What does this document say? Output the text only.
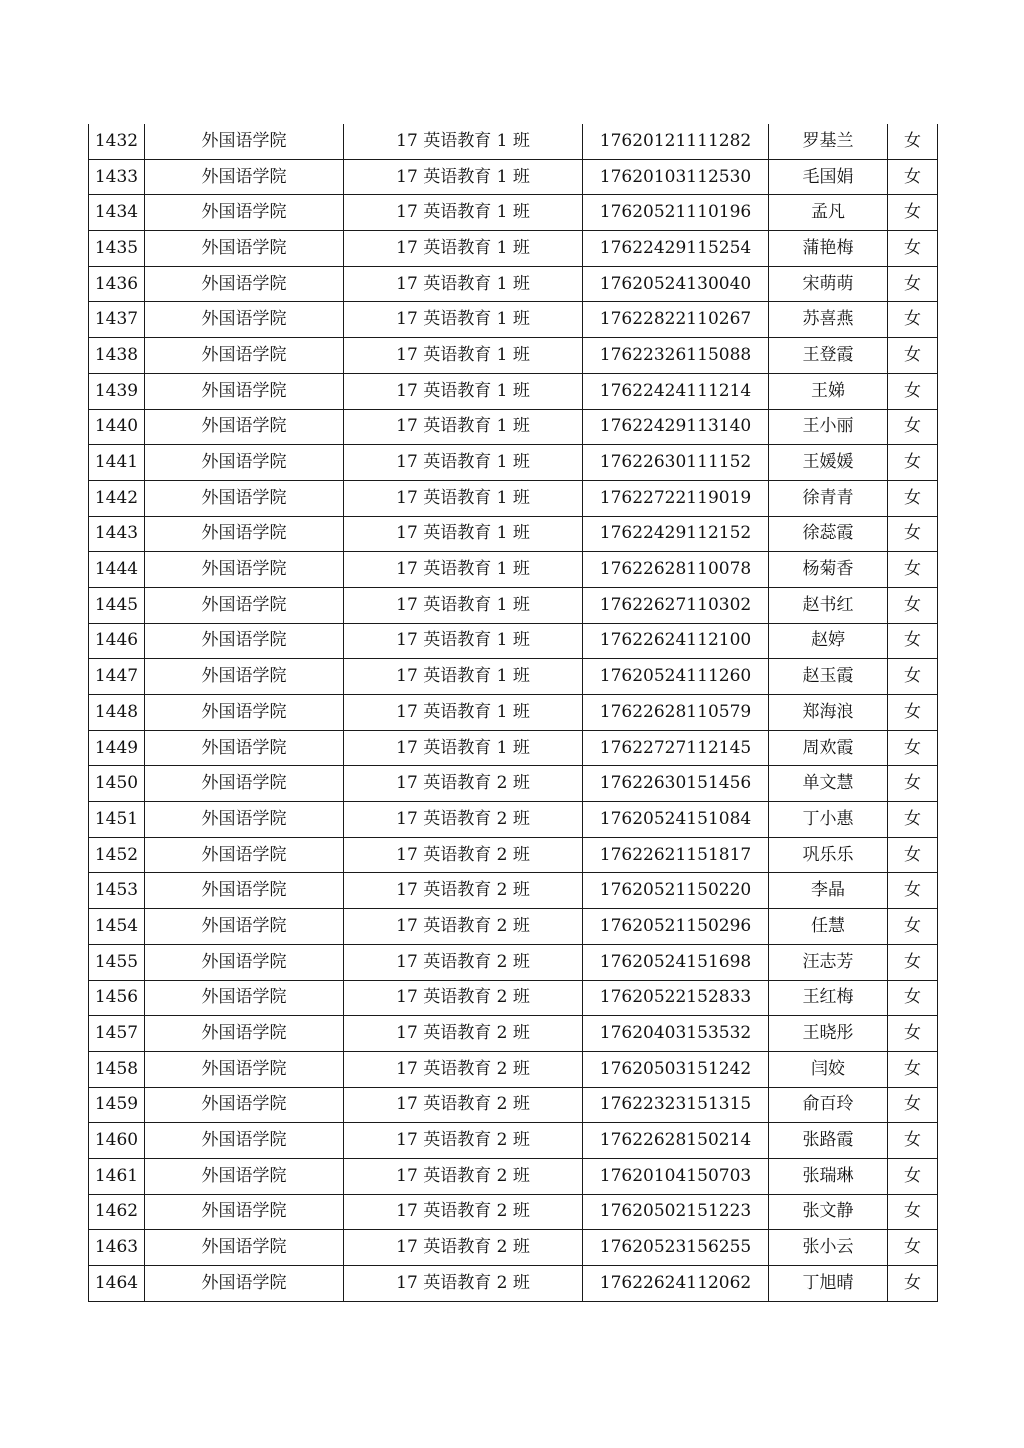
1432	外国语学院	17 英语教育 1 班	17620121111282	罗基兰	女
1433	外国语学院	17 英语教育 1 班	17620103112530	毛国娟	女
1434	外国语学院	17 英语教育 1 班	17620521110196	孟凡	女
1435	外国语学院	17 英语教育 1 班	17622429115254	蒲艳梅	女
1436	外国语学院	17 英语教育 1 班	17620524130040	宋萌萌	女
1437	外国语学院	17 英语教育 1 班	17622822110267	苏喜燕	女
1438	外国语学院	17 英语教育 1 班	17622326115088	王登霞	女
1439	外国语学院	17 英语教育 1 班	17622424111214	王娣	女
1440	外国语学院	17 英语教育 1 班	17622429113140	王小丽	女
1441	外国语学院	17 英语教育 1 班	17622630111152	王媛媛	女
1442	外国语学院	17 英语教育 1 班	17622722119019	徐青青	女
1443	外国语学院	17 英语教育 1 班	17622429112152	徐蕊霞	女
1444	外国语学院	17 英语教育 1 班	17622628110078	杨菊香	女
1445	外国语学院	17 英语教育 1 班	17622627110302	赵书红	女
1446	外国语学院	17 英语教育 1 班	17622624112100	赵婷	女
1447	外国语学院	17 英语教育 1 班	17620524111260	赵玉霞	女
1448	外国语学院	17 英语教育 1 班	17622628110579	郑海浪	女
1449	外国语学院	17 英语教育 1 班	17622727112145	周欢霞	女
1450	外国语学院	17 英语教育 2 班	17622630151456	单文慧	女
1451	外国语学院	17 英语教育 2 班	17620524151084	丁小惠	女
1452	外国语学院	17 英语教育 2 班	17622621151817	巩乐乐	女
1453	外国语学院	17 英语教育 2 班	17620521150220	李晶	女
1454	外国语学院	17 英语教育 2 班	17620521150296	任慧	女
1455	外国语学院	17 英语教育 2 班	17620524151698	汪志芳	女
1456	外国语学院	17 英语教育 2 班	17620522152833	王红梅	女
1457	外国语学院	17 英语教育 2 班	17620403153532	王晓彤	女
1458	外国语学院	17 英语教育 2 班	17620503151242	闫姣	女
1459	外国语学院	17 英语教育 2 班	17622323151315	俞百玲	女
1460	外国语学院	17 英语教育 2 班	17622628150214	张路霞	女
1461	外国语学院	17 英语教育 2 班	17620104150703	张瑞琳	女
1462	外国语学院	17 英语教育 2 班	17620502151223	张文静	女
1463	外国语学院	17 英语教育 2 班	17620523156255	张小云	女
1464	外国语学院	17 英语教育 2 班	17622624112062	丁旭晴	女
